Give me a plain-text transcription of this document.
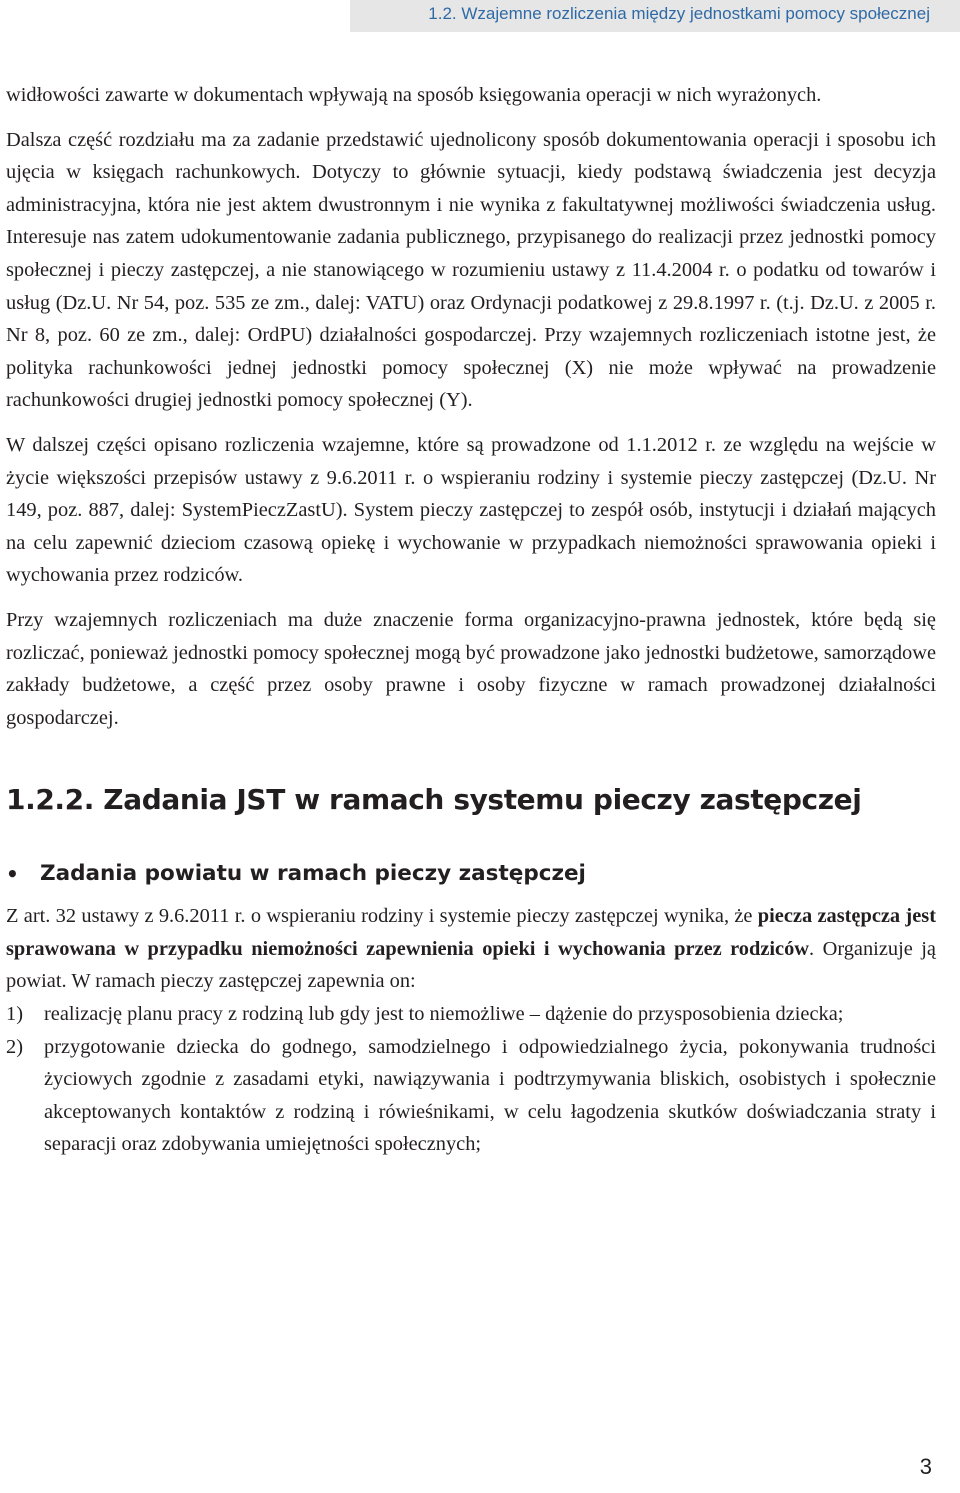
1.2. Wzajemne rozliczenia między jednostkami pomocy społecznej

widłowości zawarte w dokumentach wpływają na sposób księgowania operacji w nich wyrażonych.

Dalsza część rozdziału ma za zadanie przedstawić ujednolicony sposób dokumentowania operacji i sposobu ich ujęcia w księgach rachunkowych. Dotyczy to głównie sytuacji, kiedy podstawą świadczenia jest decyzja administracyjna, która nie jest aktem dwustronnym i nie wynika z fakultatywnej możliwości świadczenia usług. Interesuje nas zatem udokumentowanie zadania publicznego, przypisanego do realizacji przez jednostki pomocy społecznej i pieczy zastępczej, a nie stanowiącego w rozumieniu ustawy z 11.4.2004 r. o podatku od towarów i usług (Dz.U. Nr 54, poz. 535 ze zm., dalej: VATU) oraz Ordynacji podatkowej z 29.8.1997 r. (t.j. Dz.U. z 2005 r. Nr 8, poz. 60 ze zm., dalej: OrdPU) działalności gospodarczej. Przy wzajemnych rozliczeniach istotne jest, że polityka rachunkowości jednej jednostki pomocy społecznej (X) nie może wpływać na prowadzenie rachunkowości drugiej jednostki pomocy społecznej (Y).

W dalszej części opisano rozliczenia wzajemne, które są prowadzone od 1.1.2012 r. ze względu na wejście w życie większości przepisów ustawy z 9.6.2011 r. o wspieraniu rodziny i systemie pieczy zastępczej (Dz.U. Nr 149, poz. 887, dalej: SystemPieczZastU). System pieczy zastępczej to zespół osób, instytucji i działań mających na celu zapewnić dzieciom czasową opiekę i wychowanie w przypadkach niemożności sprawowania opieki i wychowania przez rodziców.

Przy wzajemnych rozliczeniach ma duże znaczenie forma organizacyjno-prawna jednostek, które będą się rozliczać, ponieważ jednostki pomocy społecznej mogą być prowadzone jako jednostki budżetowe, samorządowe zakłady budżetowe, a część przez osoby prawne i osoby fizyczne w ramach prowadzonej działalności gospodarczej.

1.2.2. Zadania JST w ramach systemu pieczy zastępczej
• Zadania powiatu w ramach pieczy zastępczej

Z art. 32 ustawy z 9.6.2011 r. o wspieraniu rodziny i systemie pieczy zastępczej wynika, że piecza zastępcza jest sprawowana w przypadku niemożności zapewnienia opieki i wychowania przez rodziców. Organizuje ją powiat. W ramach pieczy zastępczej zapewnia on:

1)	realizację planu pracy z rodziną lub gdy jest to niemożliwe – dążenie do przysposobienia dziecka;
2)	przygotowanie dziecka do godnego, samodzielnego i odpowiedzialnego życia, pokonywania trudności życiowych zgodnie z zasadami etyki, nawiązywania i podtrzymywania bliskich, osobistych i społecznie akceptowanych kontaktów z rodziną i rówieśnikami, w celu łagodzenia skutków doświadczania straty i separacji oraz zdobywania umiejętności społecznych;
3
